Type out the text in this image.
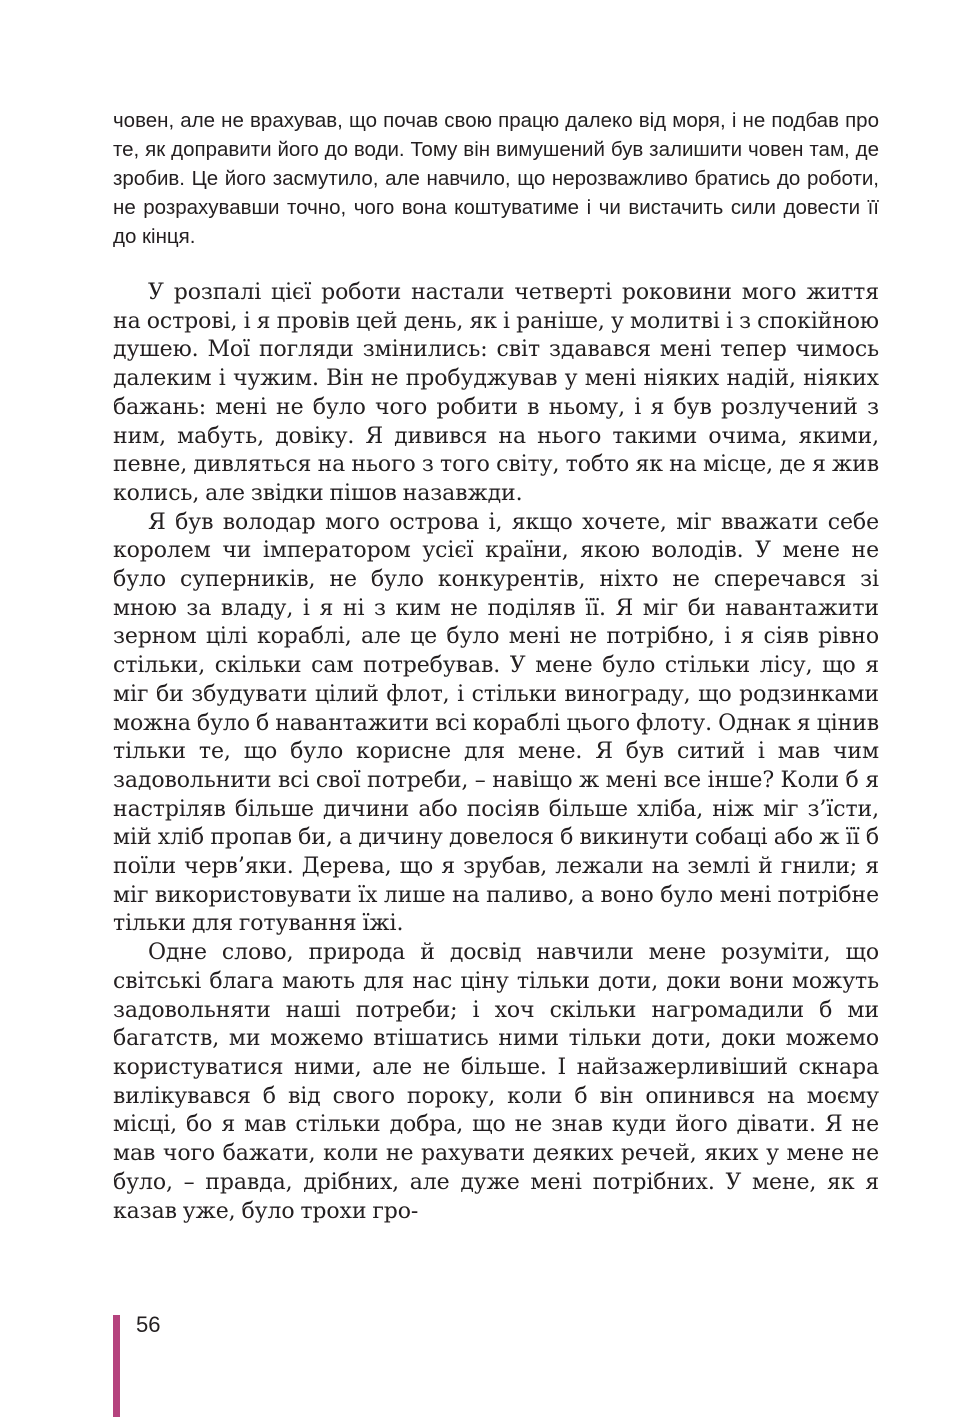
човен, але не врахував, що почав свою працю далеко від моря, і не подбав про те, як доправити його до води. Тому він вимушений був залишити човен там, де зробив. Це його засмутило, але навчило, що нерозважливо братись до роботи, не розрахувавши точно, чого вона коштуватиме і чи вистачить сили довести її до кінця.

У розпалі цієї роботи настали четверті роковини мого життя на острові, і я провів цей день, як і раніше, у молитві і з спокійною душею. Мої погляди змінились: світ здавався мені тепер чимось далеким і чужим. Він не пробуджував у мені ніяких надій, ніяких бажань: мені не було чого робити в ньому, і я був розлучений з ним, мабуть, довіку. Я дивився на нього такими очима, якими, певне, дивляться на нього з того світу, тобто як на місце, де я жив колись, але звідки пішов назавжди.

Я був володар мого острова і, якщо хочете, міг вважати себе королем чи імператором усієї країни, якою володів. У мене не було суперників, не було конкурентів, ніхто не сперечався зі мною за владу, і я ні з ким не поділяв її. Я міг би навантажити зерном цілі кораблі, але це було мені не потрібно, і я сіяв рівно стільки, скільки сам потребував. У мене було стільки лісу, що я міг би збудувати цілий флот, і стільки винограду, що родзинками можна було б навантажити всі кораблі цього флоту. Однак я цінив тільки те, що було корисне для мене. Я був ситий і мав чим задовольнити всі свої потреби, – навіщо ж мені все інше? Коли б я настріляв більше дичини або посіяв більше хліба, ніж міг з’їсти, мій хліб пропав би, а дичину довелося б викинути собаці або ж її б поїли черв’яки. Дерева, що я зрубав, лежали на землі й гнили; я міг використовувати їх лише на паливо, а воно було мені потрібне тільки для готування їжі.

Одне слово, природа й досвід навчили мене розуміти, що світські блага мають для нас ціну тільки доти, доки вони можуть задовольняти наші потреби; і хоч скільки нагромадили б ми багатств, ми можемо втішатись ними тільки доти, доки можемо користуватися ними, але не більше. І найзажерливіший скнара вилікувався б від свого пороку, коли б він опинився на моєму місці, бо я мав стільки добра, що не знав куди його дівати. Я не мав чого бажати, коли не рахувати деяких речей, яких у мене не було, – правда, дрібних, але дуже мені потрібних. У мене, як я казав уже, було трохи гро-

56
